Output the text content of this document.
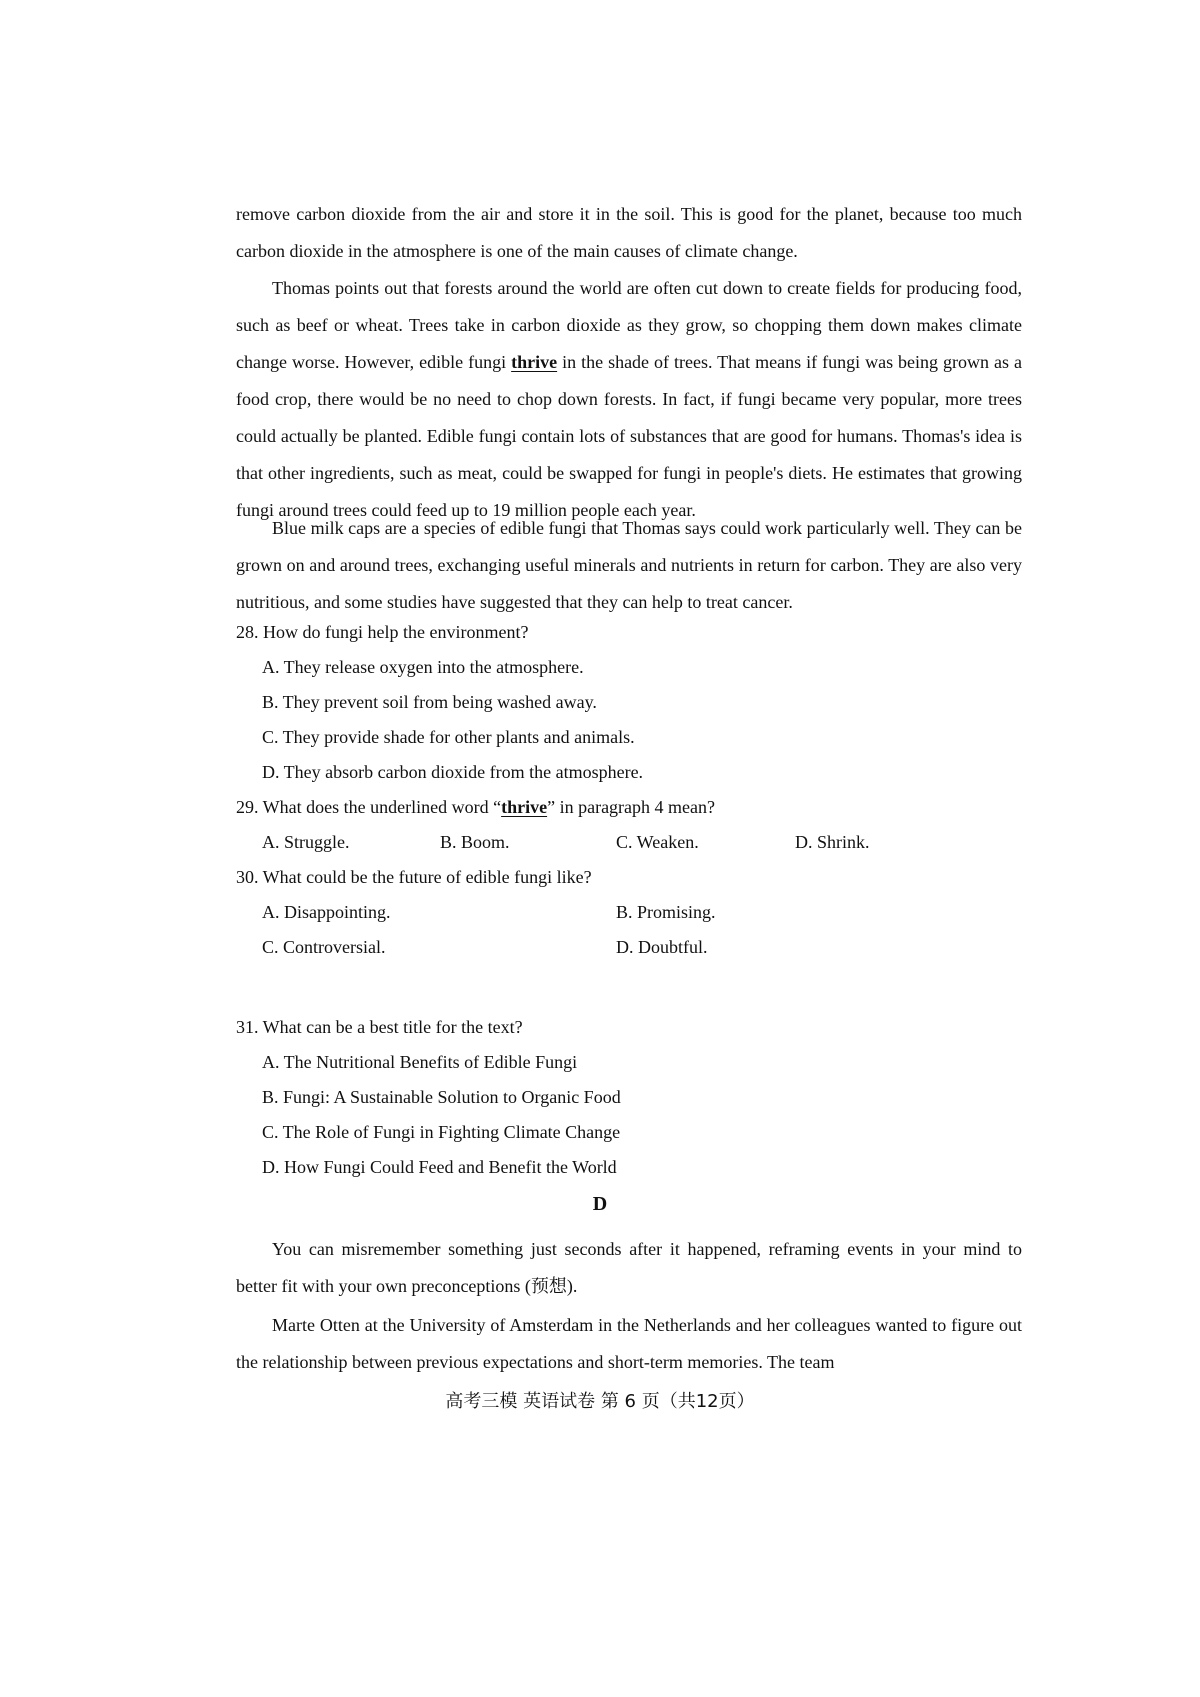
remove carbon dioxide from the air and store it in the soil. This is good for the planet, because too much carbon dioxide in the atmosphere is one of the main causes of climate change.

Thomas points out that forests around the world are often cut down to create fields for producing food, such as beef or wheat. Trees take in carbon dioxide as they grow, so chopping them down makes climate change worse. However, edible fungi thrive in the shade of trees. That means if fungi was being grown as a food crop, there would be no need to chop down forests. In fact, if fungi became very popular, more trees could actually be planted. Edible fungi contain lots of substances that are good for humans. Thomas's idea is that other ingredients, such as meat, could be swapped for fungi in people's diets. He estimates that growing fungi around trees could feed up to 19 million people each year.

Blue milk caps are a species of edible fungi that Thomas says could work particularly well. They can be grown on and around trees, exchanging useful minerals and nutrients in return for carbon. They are also very nutritious, and some studies have suggested that they can help to treat cancer.

28. How do fungi help the environment?

A. They release oxygen into the atmosphere.

B. They prevent soil from being washed away.

C. They provide shade for other plants and animals.

D. They absorb carbon dioxide from the atmosphere.

29. What does the underlined word “thrive” in paragraph 4 mean?

A. Struggle.	B. Boom.	C. Weaken.	D. Shrink.

30. What could be the future of edible fungi like?

A. Disappointing.	B. Promising.

C. Controversial.	D. Doubtful.

31. What can be a best title for the text?

A. The Nutritional Benefits of Edible Fungi

B. Fungi: A Sustainable Solution to Organic Food

C. The Role of Fungi in Fighting Climate Change

D. How Fungi Could Feed and Benefit the World

D

You can misremember something just seconds after it happened, reframing events in your mind to better fit with your own preconceptions (预想).

Marte Otten at the University of Amsterdam in the Netherlands and her colleagues wanted to figure out the relationship between previous expectations and short-term memories. The team

高考三模 英语试卷 第 6 页（共12页）
